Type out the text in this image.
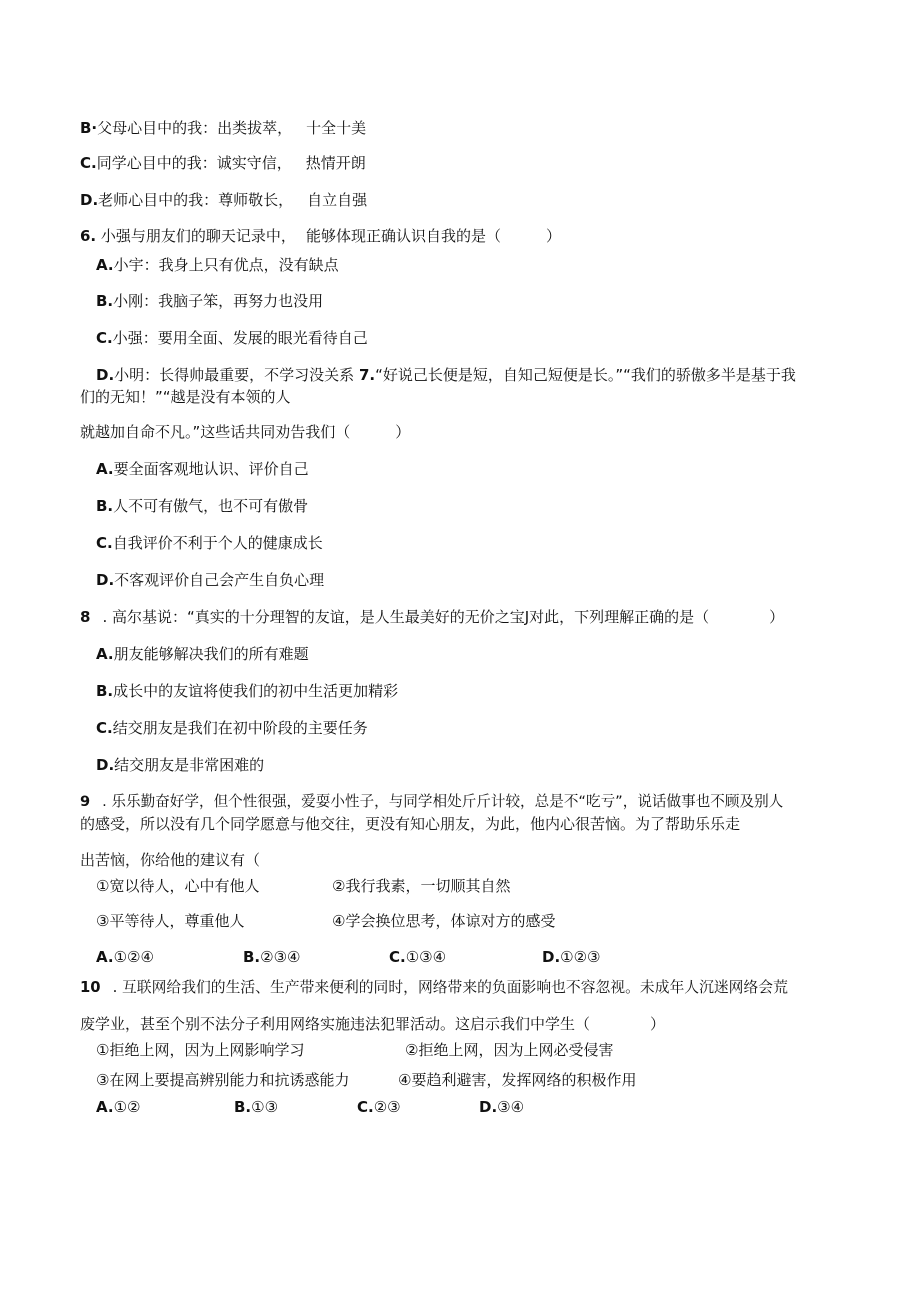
B·父母心目中的我：出类拔萃， 十全十美
C.同学心目中的我：诚实守信， 热情开朗
D.老师心目中的我：尊师敬长， 自立自强
6. 小强与朋友们的聊天记录中， 能够体现正确认识自我的是（　　　）
A.小宇：我身上只有优点，没有缺点
B.小刚：我脑子笨，再努力也没用
C.小强：要用全面、发展的眼光看待自己
D.小明：长得帅最重要，不学习没关系 7.“好说己长便是短，自知己短便是长。”“我们的骄傲多半是基于我
们的无知！”“越是没有本领的人
就越加自命不凡。”这些话共同劝告我们（　　　）
A.要全面客观地认识、评价自己
B.人不可有傲气，也不可有傲骨
C.自我评价不利于个人的健康成长
D.不客观评价自己会产生自负心理
8 . 高尔基说：“真实的十分理智的友谊，是人生最美好的无价之宝J对此，下列理解正确的是（　　　　）
A.朋友能够解决我们的所有难题
B.成长中的友谊将使我们的初中生活更加精彩
C.结交朋友是我们在初中阶段的主要任务
D.结交朋友是非常困难的
9 . 乐乐勤奋好学，但个性很强，爱耍小性子，与同学相处斤斤计较，总是不“吃亏”，说话做事也不顾及别人
的感受，所以没有几个同学愿意与他交往，更没有知心朋友，为此，他内心很苦恼。为了帮助乐乐走
出苦恼，你给他的建议有（
①宽以待人，心中有他人	②我行我素，一切顺其自然
③平等待人，尊重他人	④学会换位思考，体谅对方的感受
A.①②④	B.②③④	C.①③④	D.①②③
10 . 互联网给我们的生活、生产带来便利的同时，网络带来的负面影响也不容忽视。未成年人沉迷网络会荒
废学业，甚至个别不法分子利用网络实施违法犯罪活动。这启示我们中学生（　　　　）
①拒绝上网，因为上网影响学习	②拒绝上网，因为上网必受侵害
③在网上要提高辨别能力和抗诱惑能力	④要趋利避害，发挥网络的积极作用
A.①②	B.①③	C.②③	D.③④
